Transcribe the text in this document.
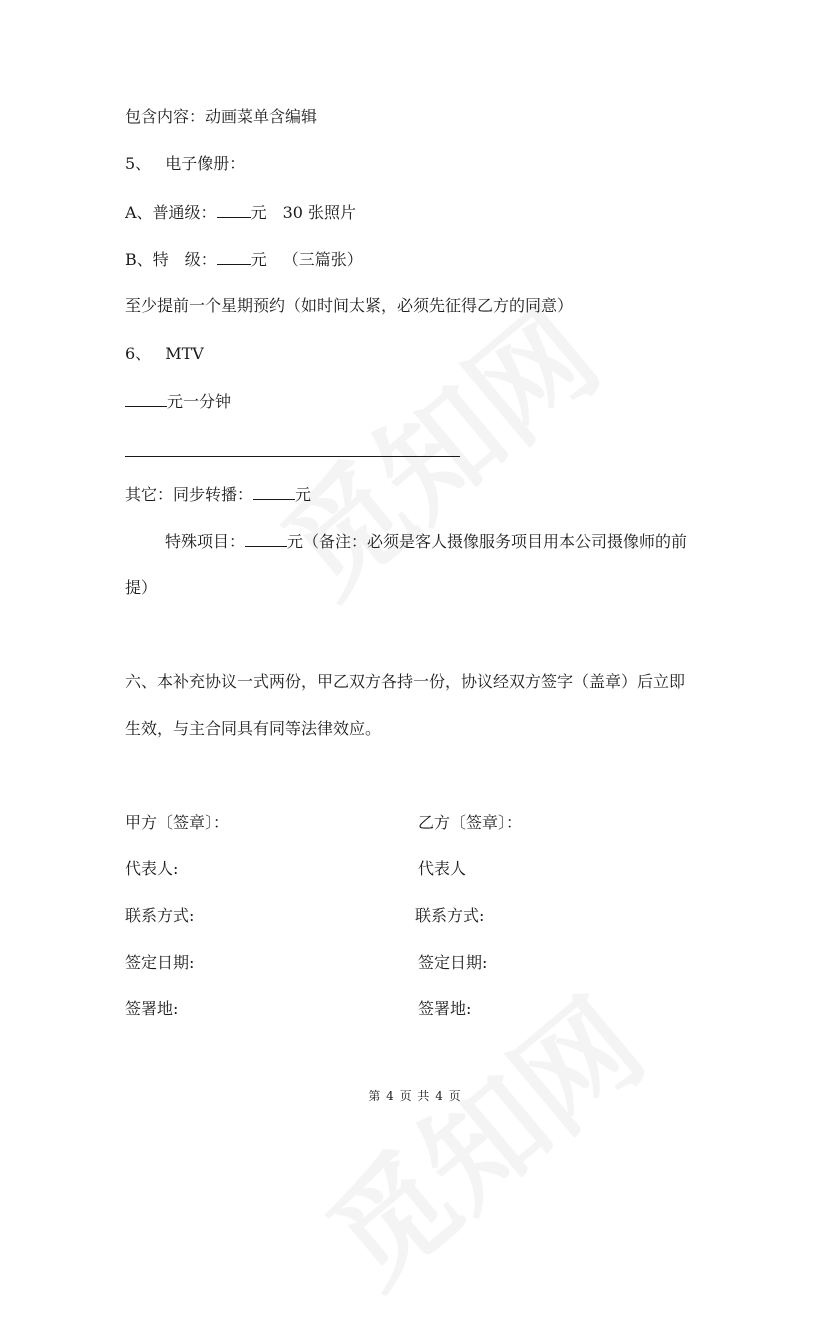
包含内容：动画菜单含编辑
5、 电子像册：
A、普通级： 元 30 张照片
B、特　级： 元 （三篇张）
至少提前一个星期预约（如时间太紧，必须先征得乙方的同意）
6、 MTV
元一分钟
其它：同步转播：	元
特殊项目：	元（备注：必须是客人摄像服务项目用本公司摄像师的前
提）
六、本补充协议一式两份，甲乙双方各持一份，协议经双方签字（盖章）后立即
生效，与主合同具有同等法律效应。
甲方〔签章〕：	乙方〔签章〕：
代表人:	代表人
联系方式:	联系方式:
签定日期:	签定日期:
签署地:	签署地:
第 4 页 共 4 页
